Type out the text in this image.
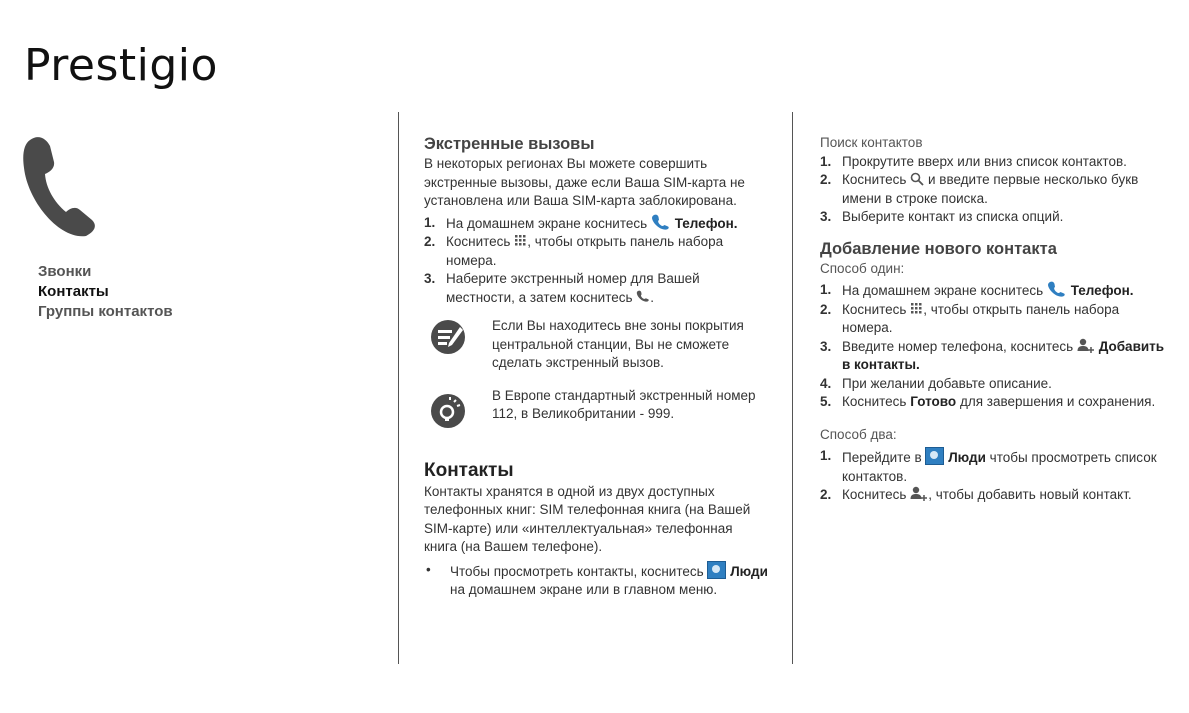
Prestigio
Звонки
Контакты
Группы контактов
Экстренные вызовы

В некоторых регионах Вы можете совершить экстренные вызовы, даже если Ваша SIM-карта не установлена или Ваша SIM-карта заблокирована.

1. На домашнем экране коснитесь Телефон.
2. Коснитесь , чтобы открыть панель набора номера.
3. Наберите экстренный номер для Вашей местности, а затем коснитесь .

Если Вы находитесь вне зоны покрытия центральной станции, Вы не сможете сделать экстренный вызов.

В Европе стандартный экстренный номер 112, в Великобритании - 999.

Контакты

Контакты хранятся в одной из двух доступных телефонных книг: SIM телефонная книга (на Вашей SIM-карте) или «интеллектуальная» телефонная книга (на Вашем телефоне).

• Чтобы просмотреть контакты, коснитесь Люди на домашнем экране или в главном меню.
Поиск контактов
1. Прокрутите вверх или вниз список контактов.
2. Коснитесь и введите первые несколько букв имени в строке поиска.
3. Выберите контакт из списка опций.
Добавление нового контакта
Способ один:
1. На домашнем экране коснитесь Телефон.
2. Коснитесь , чтобы открыть панель набора номера.
3. Введите номер телефона, коснитесь Добавить в контакты.
4. При желании добавьте описание.
5. Коснитесь Готово для завершения и сохранения.
Способ два:
1. Перейдите в Люди чтобы просмотреть список контактов.
2. Коснитесь , чтобы добавить новый контакт.
